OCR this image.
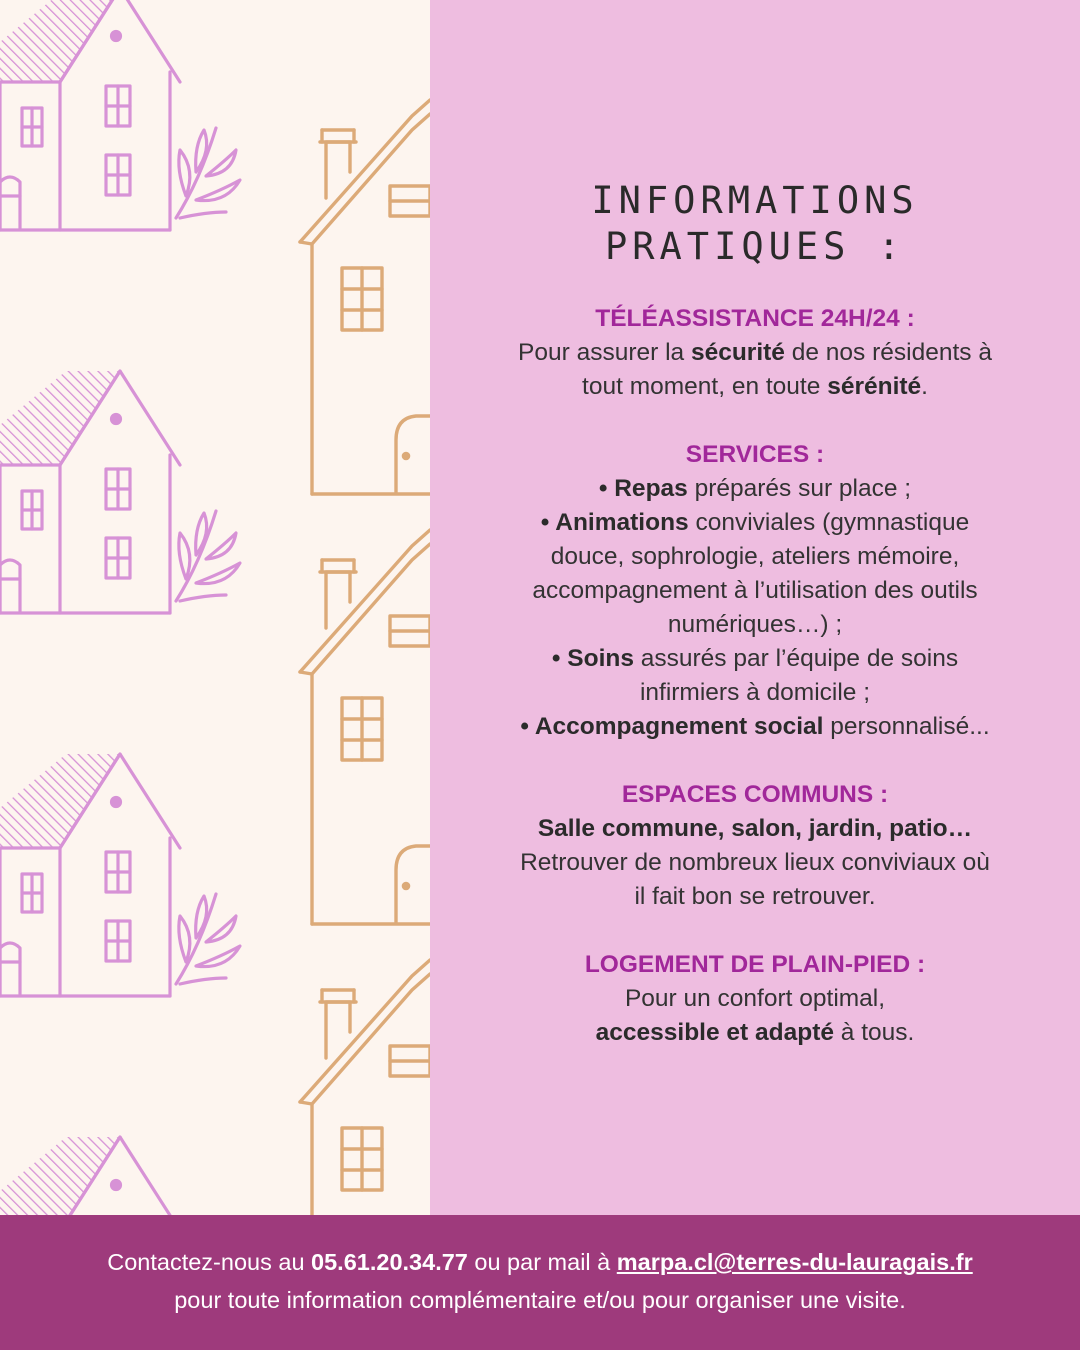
INFORMATIONS
PRATIQUES :
TÉLÉASSISTANCE 24H/24 :
Pour assurer la sécurité de nos résidents à
tout moment, en toute sérénité.
SERVICES :
• Repas préparés sur place ;
• Animations conviviales (gymnastique
douce, sophrologie, ateliers mémoire,
accompagnement à l’utilisation des outils
numériques…) ;
• Soins assurés par l’équipe de soins
infirmiers à domicile ;
• Accompagnement social personnalisé...
ESPACES COMMUNS :
Salle commune, salon, jardin, patio…
Retrouver de nombreux lieux conviviaux où
il fait bon se retrouver.
LOGEMENT DE PLAIN-PIED :
Pour un confort optimal,
accessible et adapté à tous.
Contactez-nous au 05.61.20.34.77 ou par mail à marpa.cl@terres-du-lauragais.fr
pour toute information complémentaire et/ou pour organiser une visite.
